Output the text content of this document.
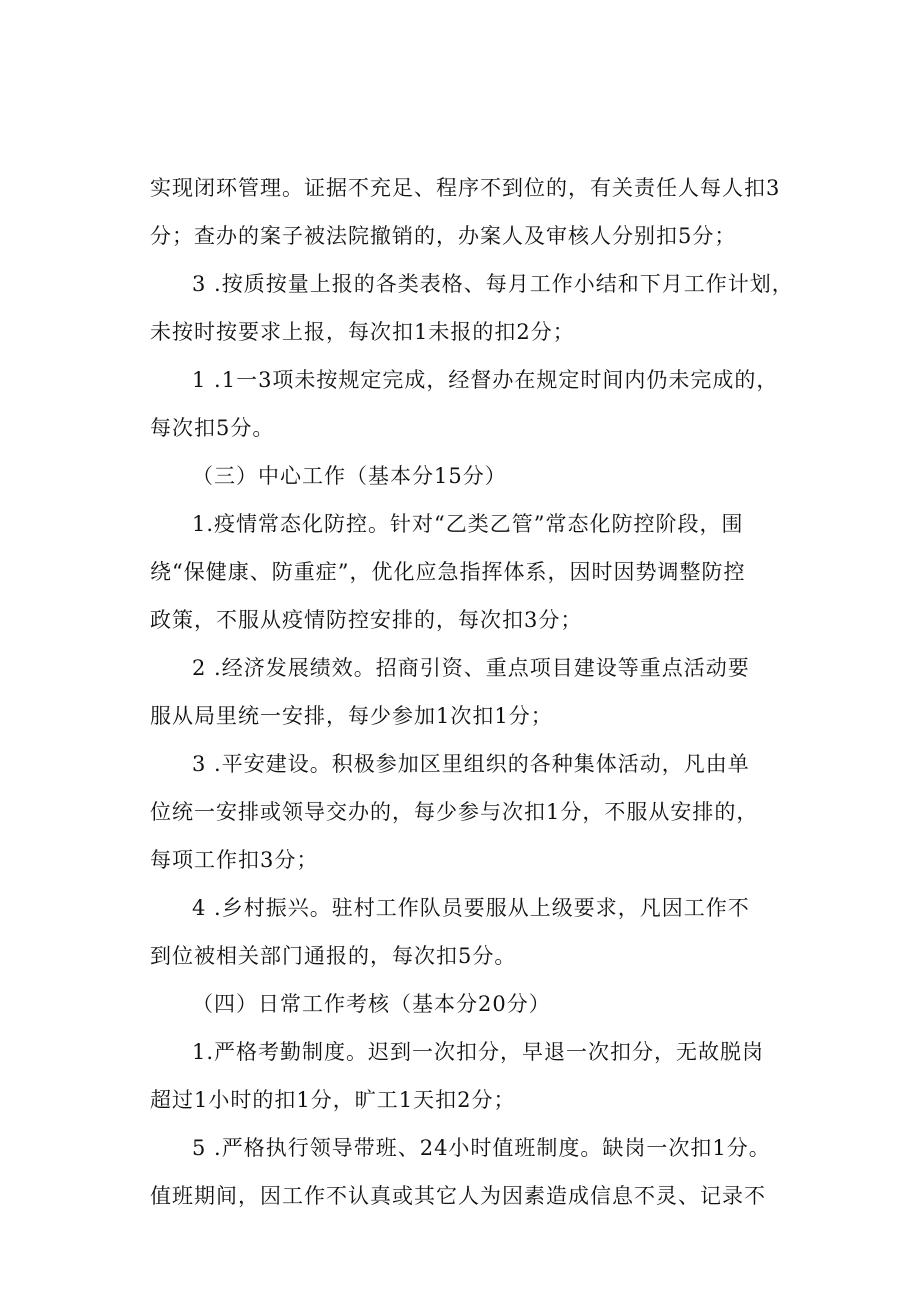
实现闭环管理。证据不充足、程序不到位的，有关责任人每人扣3
分；查办的案子被法院撤销的，办案人及审核人分别扣5分；

3 .按质按量上报的各类表格、每月工作小结和下月工作计划，
未按时按要求上报，每次扣1未报的扣2分；

1 .1一3项未按规定完成，经督办在规定时间内仍未完成的，
每次扣5分。

（三）中心工作（基本分15分）

1.疫情常态化防控。针对“乙类乙管”常态化防控阶段，围
绕“保健康、防重症”，优化应急指挥体系，因时因势调整防控
政策，不服从疫情防控安排的，每次扣3分；

2 .经济发展绩效。招商引资、重点项目建设等重点活动要
服从局里统一安排，每少参加1次扣1分；

3 .平安建设。积极参加区里组织的各种集体活动，凡由单
位统一安排或领导交办的，每少参与次扣1分，不服从安排的，
每项工作扣3分；

4 .乡村振兴。驻村工作队员要服从上级要求，凡因工作不
到位被相关部门通报的，每次扣5分。

（四）日常工作考核（基本分20分）

1.严格考勤制度。迟到一次扣分，早退一次扣分，无故脱岗
超过1小时的扣1分，旷工1天扣2分；

5 .严格执行领导带班、24小时值班制度。缺岗一次扣1分。
值班期间，因工作不认真或其它人为因素造成信息不灵、记录不
